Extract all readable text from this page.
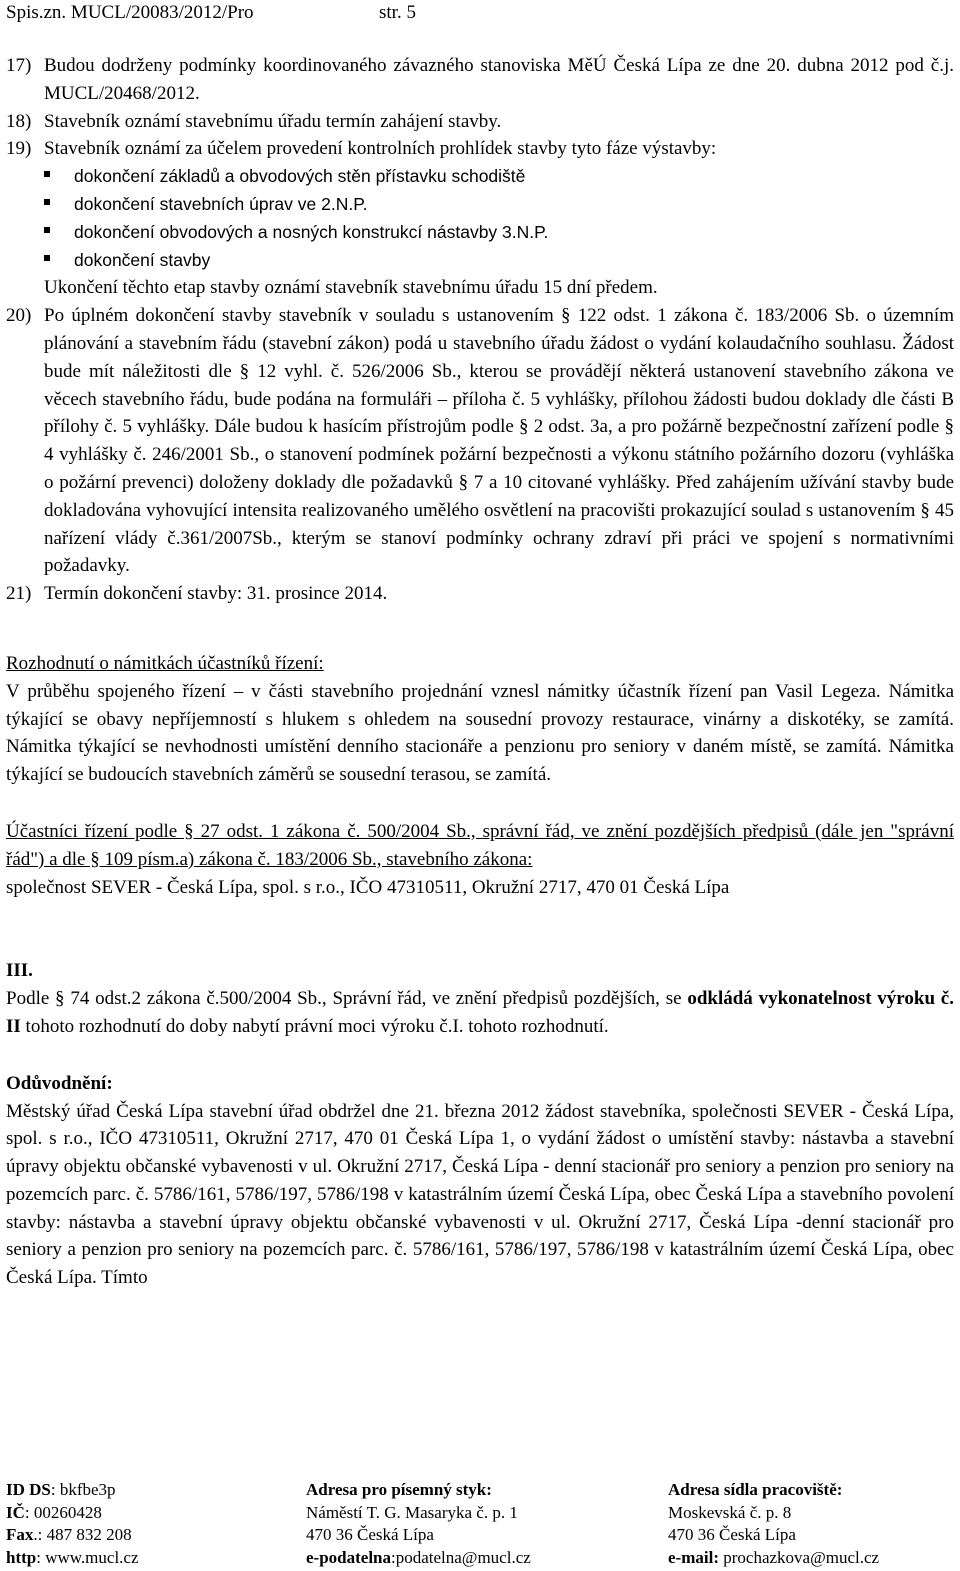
Spis.zn. MUCL/20083/2012/Pro	str. 5
17) Budou dodrženy podmínky koordinovaného závazného stanoviska MěÚ Česká Lípa ze dne 20. dubna 2012 pod č.j. MUCL/20468/2012.
18) Stavebník oznámí stavebnímu úřadu termín zahájení stavby.
19) Stavebník oznámí za účelem provedení kontrolních prohlídek stavby tyto fáze výstavby:
dokončení základů a obvodových stěn přístavku schodiště
dokončení stavebních úprav ve 2.N.P.
dokončení obvodových a nosných konstrukcí nástavby 3.N.P.
dokončení stavby

Ukončení těchto etap stavby oznámí stavebník stavebnímu úřadu 15 dní předem.

20) Po úplném dokončení stavby stavebník v souladu s ustanovením § 122 odst. 1 zákona č. 183/2006 Sb. o územním plánování a stavebním řádu (stavební zákon) podá u stavebního úřadu žádost o vydání kolaudačního souhlasu. Žádost bude mít náležitosti dle § 12 vyhl. č. 526/2006 Sb., kterou se provádějí některá ustanovení stavebního zákona ve věcech stavebního řádu, bude podána na formuláři – příloha č. 5 vyhlášky, přílohou žádosti budou doklady dle části B přílohy č. 5 vyhlášky. Dále budou k hasícím přístrojům podle § 2 odst. 3a, a pro požárně bezpečnostní zařízení podle § 4 vyhlášky č. 246/2001 Sb., o stanovení podmínek požární bezpečnosti a výkonu státního požárního dozoru (vyhláška o požární prevenci) doloženy doklady dle požadavků § 7 a 10 citované vyhlášky. Před zahájením užívání stavby bude dokladována vyhovující intensita realizovaného umělého osvětlení na pracovišti prokazující soulad s ustanovením § 45 nařízení vlády č.361/2007Sb., kterým se stanoví podmínky ochrany zdraví při práci ve spojení s normativními požadavky.
21) Termín dokončení stavby: 31. prosince 2014.

Rozhodnutí o námitkách účastníků řízení:

V průběhu spojeného řízení – v části stavebního projednání vznesl námitky účastník řízení pan Vasil Legeza. Námitka týkající se obavy nepříjemností s hlukem s ohledem na sousední provozy restaurace, vinárny a diskotéky, se zamítá. Námitka týkající se nevhodnosti umístění denního stacionáře a penzionu pro seniory v daném místě, se zamítá. Námitka týkající se budoucích stavebních záměrů se sousední terasou, se zamítá.

Účastníci řízení podle § 27 odst. 1 zákona č. 500/2004 Sb., správní řád, ve znění pozdějších předpisů (dále jen "správní řád") a dle § 109 písm.a) zákona č. 183/2006 Sb., stavebního zákona:

společnost SEVER - Česká Lípa, spol. s r.o., IČO 47310511, Okružní 2717, 470 01 Česká Lípa

III.

Podle § 74 odst.2 zákona č.500/2004 Sb., Správní řád, ve znění předpisů pozdějších, se odkládá vykonatelnost výroku č. II tohoto rozhodnutí do doby nabytí právní moci výroku č.I. tohoto rozhodnutí.

Odůvodnění:

Městský úřad Česká Lípa stavební úřad obdržel dne 21. března 2012 žádost stavebníka, společnosti SEVER - Česká Lípa, spol. s r.o., IČO 47310511, Okružní 2717, 470 01 Česká Lípa 1, o vydání žádost o umístění stavby: nástavba a stavební úpravy objektu občanské vybavenosti v ul. Okružní 2717, Česká Lípa - denní stacionář pro seniory a penzion pro seniory na pozemcích parc. č. 5786/161, 5786/197, 5786/198 v katastrálním území Česká Lípa, obec Česká Lípa a stavebního povolení stavby: nástavba a stavební úpravy objektu občanské vybavenosti v ul. Okružní 2717, Česká Lípa -denní stacionář pro seniory a penzion pro seniory na pozemcích parc. č. 5786/161, 5786/197, 5786/198 v katastrálním území Česká Lípa, obec Česká Lípa. Tímto

ID DS: bkfbe3p
IČ: 00260428
Fax.: 487 832 208
http: www.mucl.cz
Adresa pro písemný styk:
Náměstí T. G. Masaryka č. p. 1
470 36 Česká Lípa
e-podatelna:podatelna@mucl.cz
Adresa sídla pracoviště:
Moskevská č. p. 8
470 36 Česká Lípa
e-mail: prochazkova@mucl.cz
